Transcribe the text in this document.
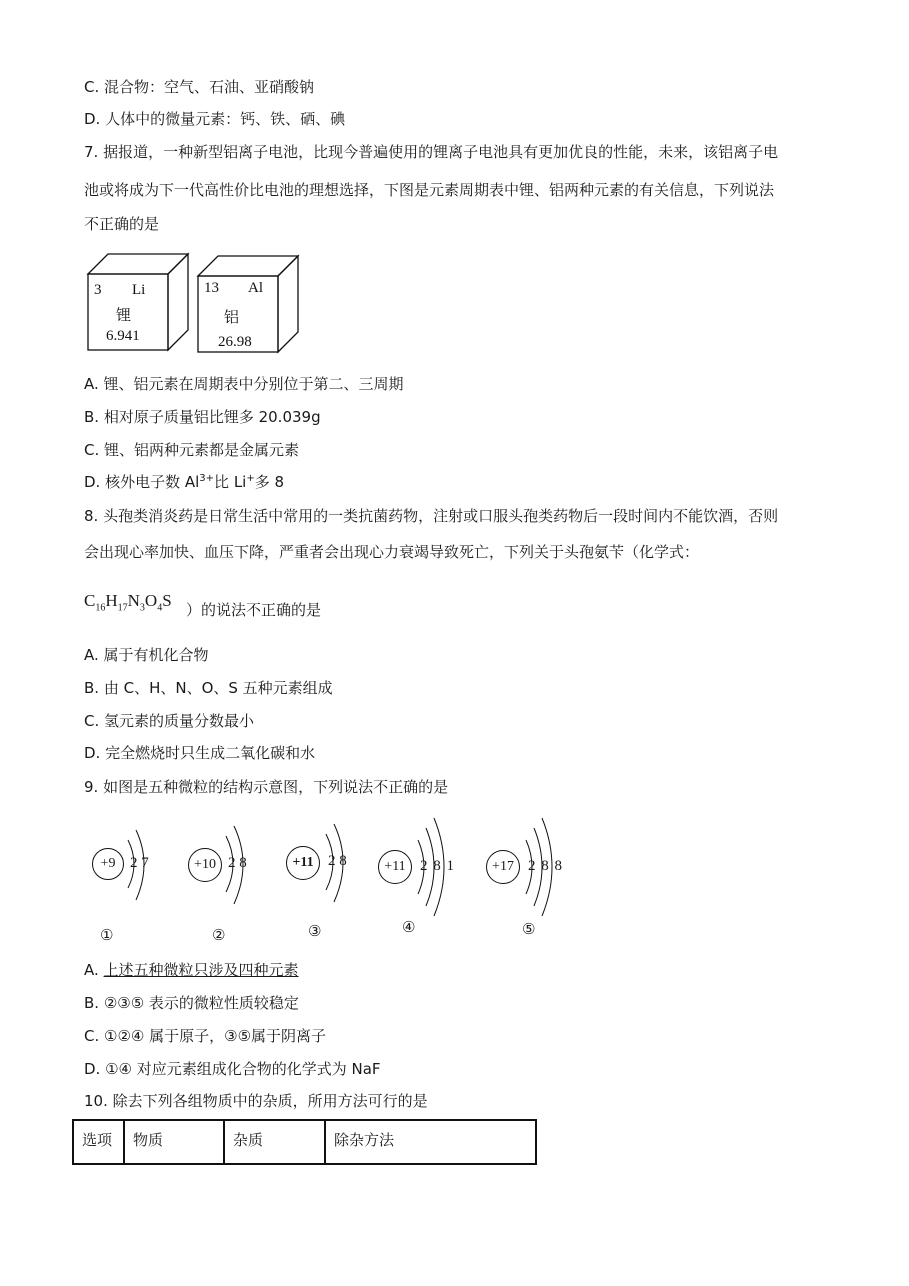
C. 混合物：空气、石油、亚硝酸钠
D. 人体中的微量元素：钙、铁、硒、碘
7. 据报道，一种新型铝离子电池，比现今普遍使用的锂离子电池具有更加优良的性能，未来，该铝离子电
池或将成为下一代高性价比电池的理想选择，下图是元素周期表中锂、铝两种元素的有关信息，下列说法
不正确的是
3 Li
锂
6.941
13 Al
铝
26.98
A. 锂、铝元素在周期表中分别位于第二、三周期
B. 相对原子质量铝比锂多 20.039g
C. 锂、铝两种元素都是金属元素
D. 核外电子数 $Al^{3+}$比 Li+多 8
8. 头孢类消炎药是日常生活中常用的一类抗菌药物，注射或口服头孢类药物后一段时间内不能饮酒，否则
会出现心率加快、血压下降，严重者会出现心力衰竭导致死亡，下列关于头孢氨苄（化学式：
$C_{16}H_{17}N_3O_4S$ ）的说法不正确的是
A. 属于有机化合物
B. 由 C、H、N、O、S 五种元素组成
C. 氢元素的质量分数最小
D. 完全燃烧时只生成二氧化碳和水
9. 如图是五种微粒的结构示意图，下列说法不正确的是
+9 2 7
①
+10 2 8
②
+11 2 8
③
+11 2 8 1
④
+17 2 8 8
⑤
A. 上述五种微粒只涉及四种元素
B. ②③⑤ 表示的微粒性质较稳定
C. ①②④ 属于原子，③⑤属于阴离子
D. ①④ 对应元素组成化合物的化学式为 NaF
10. 除去下列各组物质中的杂质，所用方法可行的是
选项	物质	杂质	除杂方法
